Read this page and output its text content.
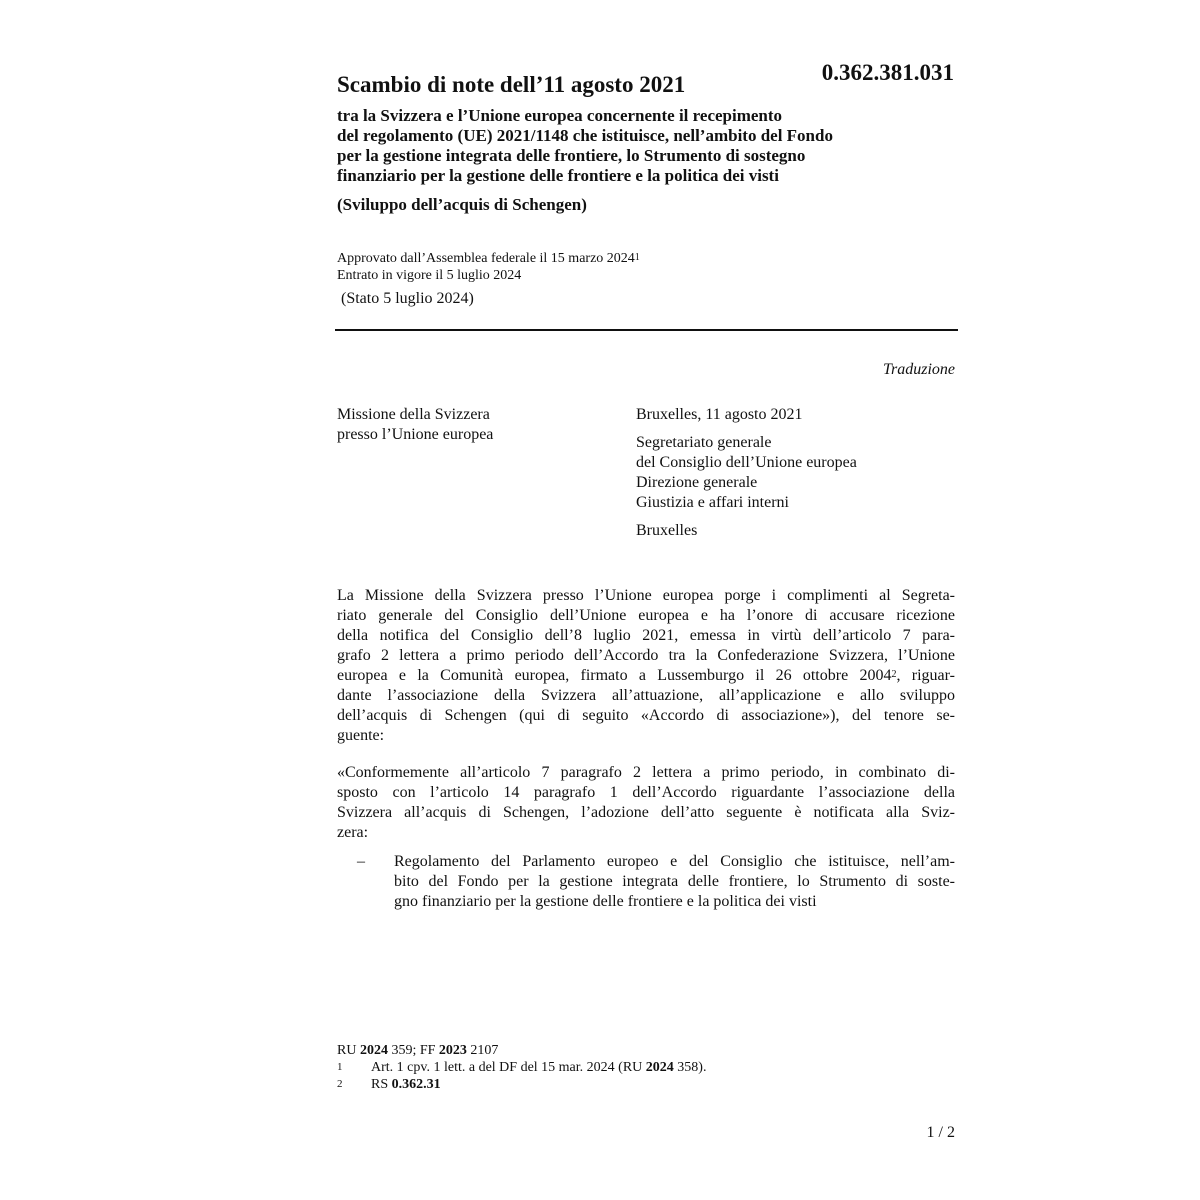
0.362.381.031
Scambio di note dell’11 agosto 2021
tra la Svizzera e l’Unione europea concernente il recepimento
del regolamento (UE) 2021/1148 che istituisce, nell’ambito del Fondo
per la gestione integrata delle frontiere, lo Strumento di sostegno
finanziario per la gestione delle frontiere e la politica dei visti
(Sviluppo dell’acquis di Schengen)
Approvato dall’Assemblea federale il 15 marzo 2024$^1$
Entrato in vigore il 5 luglio 2024
(Stato 5 luglio 2024)
Traduzione
Missione della Svizzera
presso l’Unione europea
Bruxelles, 11 agosto 2021
Segretariato generale
del Consiglio dell’Unione europea
Direzione generale
Giustizia e affari interni
Bruxelles
La Missione della Svizzera presso l’Unione europea porge i complimenti al Segreta-
riato generale del Consiglio dell’Unione europea e ha l’onore di accusare ricezione
della notifica del Consiglio dell’8 luglio 2021, emessa in virtù dell’articolo 7 para-
grafo 2 lettera a primo periodo dell’Accordo tra la Confederazione Svizzera, l’Unione
europea e la Comunità europea, firmato a Lussemburgo il 26 ottobre 2004$^2$, riguar-
dante l’associazione della Svizzera all’attuazione, all’applicazione e allo sviluppo
dell’acquis di Schengen (qui di seguito «Accordo di associazione»), del tenore se-
guente:
«Conformemente all’articolo 7 paragrafo 2 lettera a primo periodo, in combinato di-
sposto con l’articolo 14 paragrafo 1 dell’Accordo riguardante l’associazione della
Svizzera all’acquis di Schengen, l’adozione dell’atto seguente è notificata alla Sviz-
zera:
– Regolamento del Parlamento europeo e del Consiglio che istituisce, nell’am-
bito del Fondo per la gestione integrata delle frontiere, lo Strumento di soste-
gno finanziario per la gestione delle frontiere e la politica dei visti
RU 2024 359; FF 2023 2107
1 Art. 1 cpv. 1 lett. a del DF del 15 mar. 2024 (RU 2024 358).
2 RS 0.362.31
1 / 2
